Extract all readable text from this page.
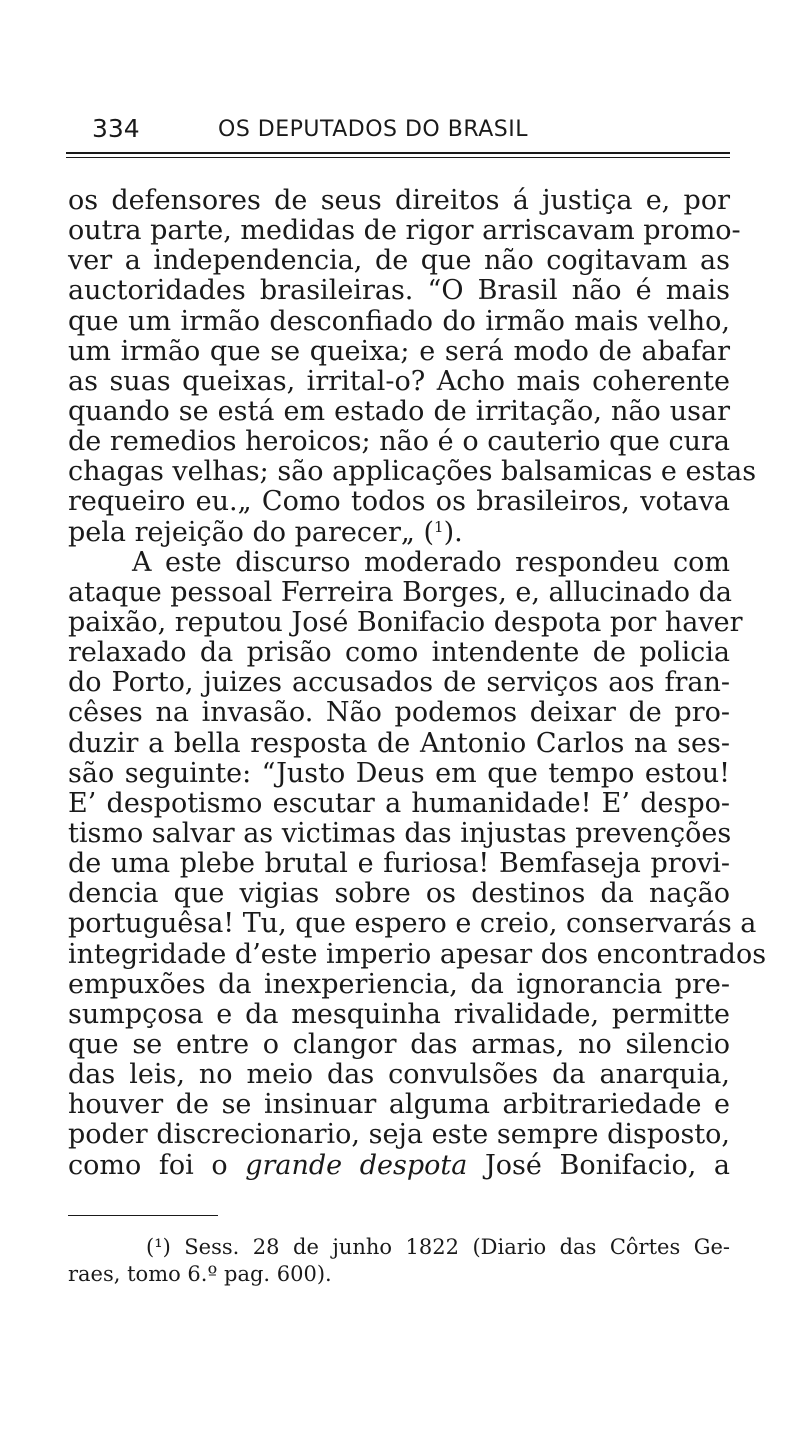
334	OS DEPUTADOS DO BRASIL
os defensores de seus direitos á justiça e, por
outra parte, medidas de rigor arriscavam promo-
ver a independencia, de que não cogitavam as
auctoridades brasileiras. “O Brasil não é mais
que um irmão desconfiado do irmão mais velho,
um irmão que se queixa; e será modo de abafar
as suas queixas, irrital-o? Acho mais coherente
quando se está em estado de irritação, não usar
de remedios heroicos; não é o cauterio que cura
chagas velhas; são applicações balsamicas e estas
requeiro eu.„ Como todos os brasileiros, votava
pela rejeição do parecer„ ($^1$).
A este discurso moderado respondeu com
ataque pessoal Ferreira Borges, e, allucinado da
paixão, reputou José Bonifacio despota por haver
relaxado da prisão como intendente de policia
do Porto, juizes accusados de serviços aos fran-
cêses na invasão. Não podemos deixar de pro-
duzir a bella resposta de Antonio Carlos na ses-
são seguinte: “Justo Deus em que tempo estou!
E’ despotismo escutar a humanidade! E’ despo-
tismo salvar as victimas das injustas prevenções
de uma plebe brutal e furiosa! Bemfaseja provi-
dencia que vigias sobre os destinos da nação
portuguêsa! Tu, que espero e creio, conservarás a
integridade d’este imperio apesar dos encontrados
empuxões da inexperiencia, da ignorancia pre-
sumpçosa e da mesquinha rivalidade, permitte
que se entre o clangor das armas, no silencio
das leis, no meio das convulsões da anarquia,
houver de se insinuar alguma arbitrariedade e
poder discrecionario, seja este sempre disposto,
como foi o grande despota José Bonifacio, a
(¹) Sess. 28 de junho 1822 (Diario das Côrtes Ge-
raes, tomo 6.º pag. 600).
